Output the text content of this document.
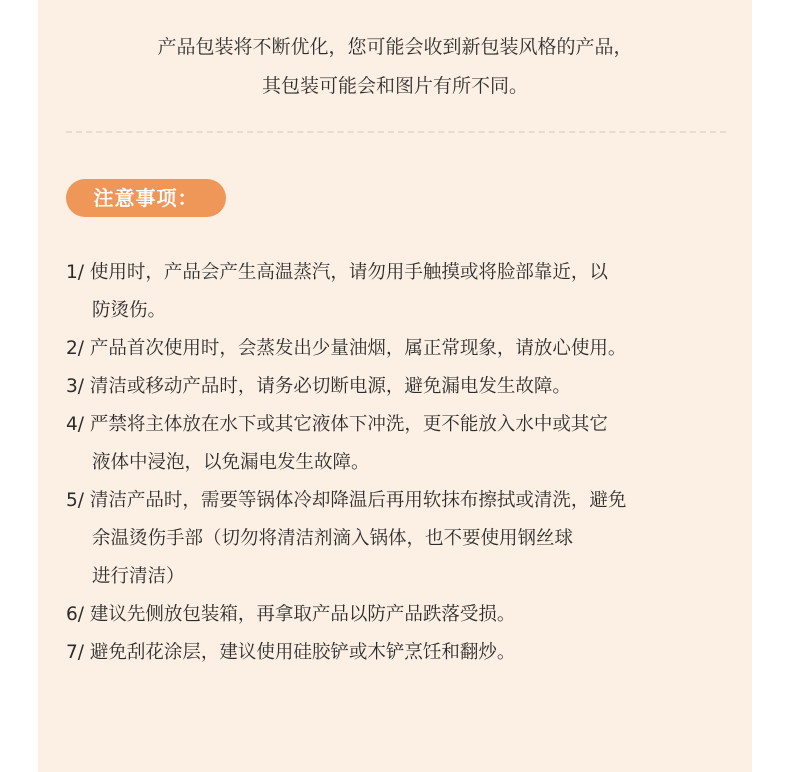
产品包装将不断优化，您可能会收到新包装风格的产品，
其包装可能会和图片有所不同。
注意事项：
1/ 使用时，产品会产生高温蒸汽，请勿用手触摸或将脸部靠近，以
防烫伤。
2/ 产品首次使用时，会蒸发出少量油烟，属正常现象，请放心使用。
3/ 清洁或移动产品时，请务必切断电源，避免漏电发生故障。
4/ 严禁将主体放在水下或其它液体下冲洗，更不能放入水中或其它
液体中浸泡，以免漏电发生故障。
5/ 清洁产品时，需要等锅体冷却降温后再用软抹布擦拭或清洗，避免
余温烫伤手部（切勿将清洁剂滴入锅体，也不要使用钢丝球
进行清洁）
6/ 建议先侧放包装箱，再拿取产品以防产品跌落受损。
7/ 避免刮花涂层，建议使用硅胶铲或木铲烹饪和翻炒。
